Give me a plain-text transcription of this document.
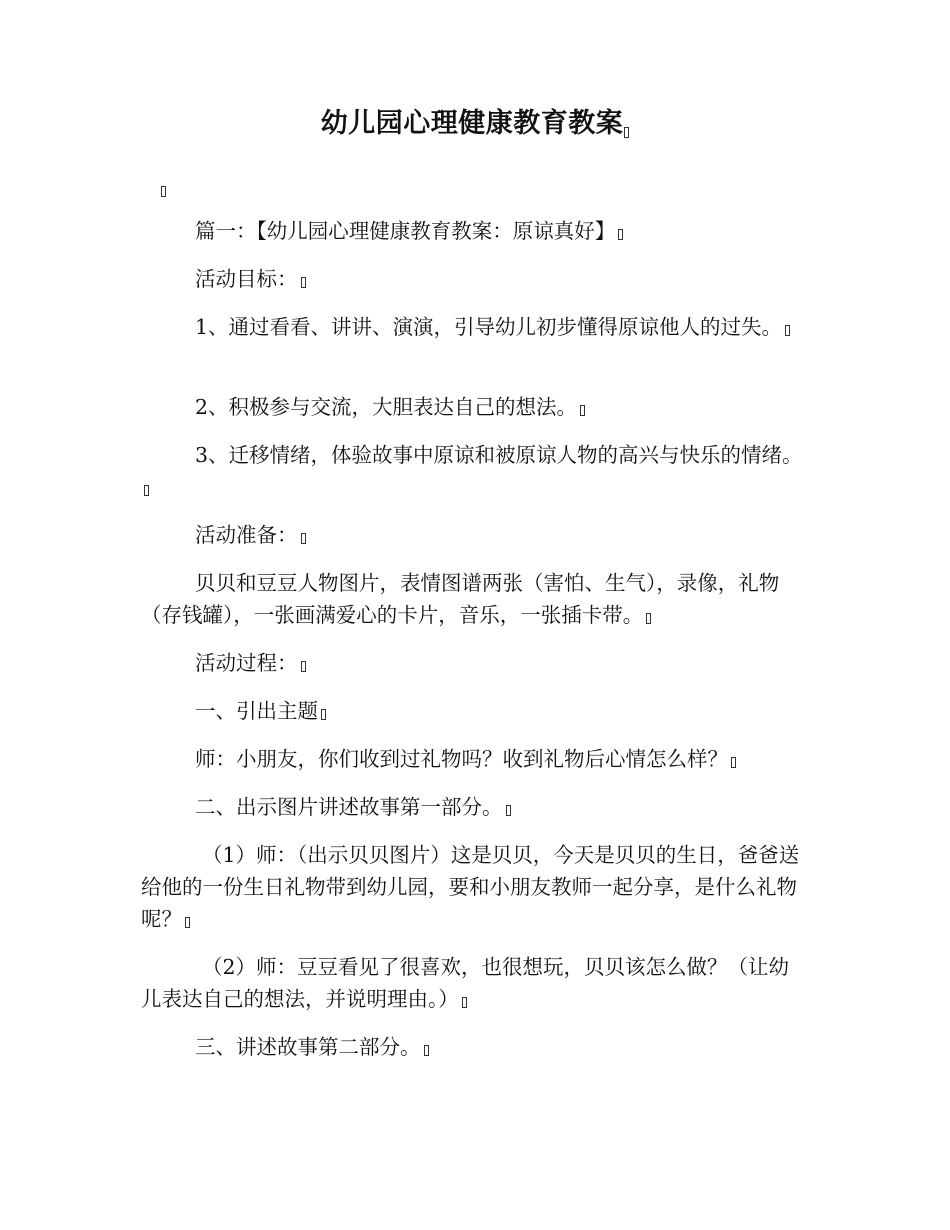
幼儿园心理健康教育教案

篇一：【幼儿园心理健康教育教案：原谅真好】

活动目标：

1、通过看看、讲讲、演演，引导幼儿初步懂得原谅他人的过失。

2、积极参与交流，大胆表达自己的想法。

3、迁移情绪，体验故事中原谅和被原谅人物的高兴与快乐的情绪。

活动准备：

贝贝和豆豆人物图片，表情图谱两张（害怕、生气），录像，礼物（存钱罐），一张画满爱心的卡片，音乐，一张插卡带。

活动过程：

一、引出主题

师：小朋友，你们收到过礼物吗？收到礼物后心情怎么样？

二、出示图片讲述故事第一部分。

（1）师：（出示贝贝图片）这是贝贝，今天是贝贝的生日，爸爸送给他的一份生日礼物带到幼儿园，要和小朋友教师一起分享，是什么礼物呢？

（2）师：豆豆看见了很喜欢，也很想玩，贝贝该怎么做？（让幼儿表达自己的想法，并说明理由。）

三、讲述故事第二部分。
